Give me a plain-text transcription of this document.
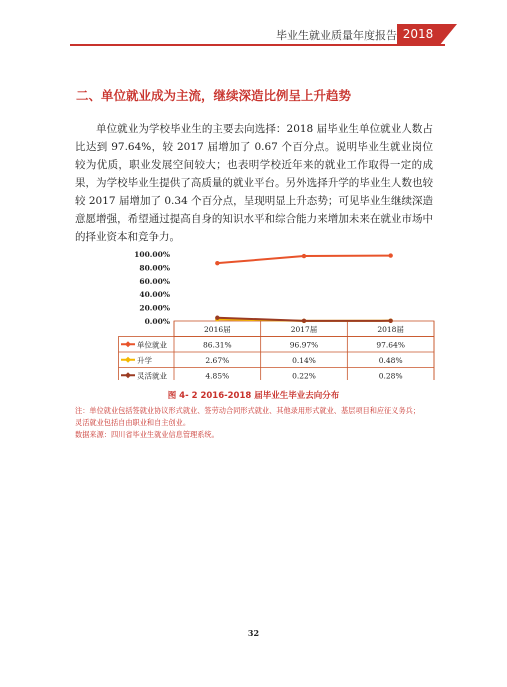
毕业生就业质量年度报告 2018届
二、单位就业成为主流，继续深造比例呈上升趋势

单位就业为学校毕业生的主要去向选择：2018 届毕业生单位就业人数占比达到 97.64%，较 2017 届增加了 0.67 个百分点。说明毕业生就业岗位较为优质，职业发展空间较大；也表明学校近年来的就业工作取得一定的成果，为学校毕业生提供了高质量的就业平台。另外选择升学的毕业生人数也较较 2017 届增加了 0.34 个百分点，呈现明显上升态势；可见毕业生继续深造意愿增强，希望通过提高自身的知识水平和综合能力来增加未来在就业市场中的择业资本和竞争力。

0.00%
20.00%
40.00%
60.00%
80.00%
100.00%
2016届	2017届	2018届
单位就业	86.31%	96.97%	97.64%
升学	2.67%	0.14%	0.48%
灵活就业	4.85%	0.22%	0.28%
图 4- 2 2016-2018 届毕业生毕业去向分布
注：单位就业包括签就业协议形式就业、签劳动合同形式就业、其他录用形式就业、基层项目和应征义务兵；
灵活就业包括自由职业和自主创业。
数据来源：四川省毕业生就业信息管理系统。
32
